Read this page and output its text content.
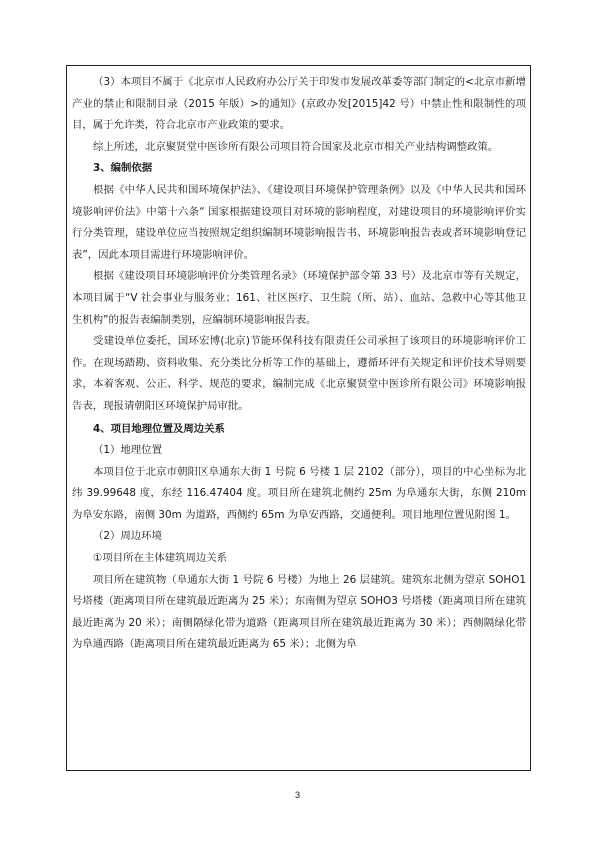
（3）本项目不属于《北京市人民政府办公厅关于印发市发展改革委等部门制定的<北京市新增产业的禁止和限制目录（2015 年版）>的通知》(京政办发[2015]42 号）中禁止性和限制性的项目，属于允许类，符合北京市产业政策的要求。

综上所述，北京聚贤堂中医诊所有限公司项目符合国家及北京市相关产业结构调整政策。

3、编制依据

根据《中华人民共和国环境保护法》、《建设项目环境保护管理条例》以及《中华人民共和国环境影响评价法》中第十六条“ 国家根据建设项目对环境的影响程度，对建设项目的环境影响评价实行分类管理，建设单位应当按照规定组织编制环境影响报告书、环境影响报告表或者环境影响登记表”，因此本项目需进行环境影响评价。

根据《建设项目环境影响评价分类管理名录》（环境保护部令第 33 号）及北京市等有关规定，本项目属于“V 社会事业与服务业；161、社区医疗、卫生院（所、站）、血站、急救中心等其他卫生机构”的报告表编制类别，应编制环境影响报告表。

受建设单位委托，国环宏博(北京)节能环保科技有限责任公司承担了该项目的环境影响评价工作。在现场踏勘、资料收集、充分类比分析等工作的基础上，遵循环评有关规定和评价技术导则要求，本着客观、公正、科学、规范的要求，编制完成《北京聚贤堂中医诊所有限公司》环境影响报告表，现报请朝阳区环境保护局审批。

4、项目地理位置及周边关系

（1）地理位置

本项目位于北京市朝阳区阜通东大街 1 号院 6 号楼 1 层 2102（部分），项目的中心坐标为北纬 39.99648 度，东经 116.47404 度。项目所在建筑北侧约 25m 为阜通东大街，东侧 210m 为阜安东路，南侧 30m 为道路，西侧约 65m 为阜安西路，交通便利。项目地理位置见附图 1。

（2）周边环境

①项目所在主体建筑周边关系

项目所在建筑物（阜通东大街 1 号院 6 号楼）为地上 26 层建筑。建筑东北侧为望京 SOHO1 号塔楼（距离项目所在建筑最近距离为 25 米）；东南侧为望京 SOHO3 号塔楼（距离项目所在建筑最近距离为 20 米）；南侧隔绿化带为道路（距离项目所在建筑最近距离为 30 米）；西侧隔绿化带为阜通西路（距离项目所在建筑最近距离为 65 米）；北侧为阜

3
